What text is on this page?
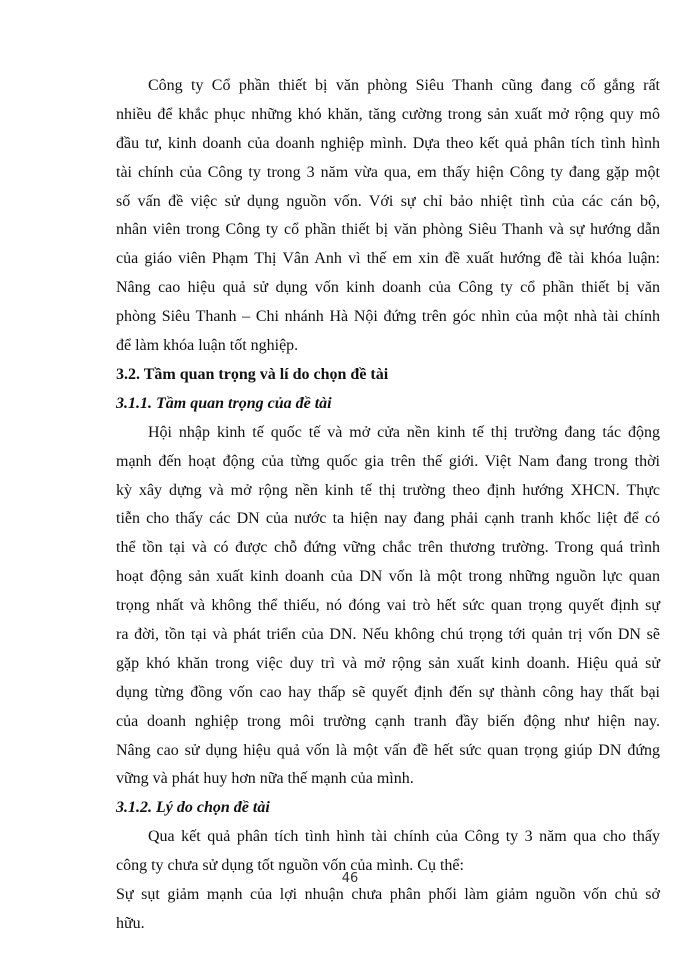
Công ty Cổ phần thiết bị văn phòng Siêu Thanh cũng đang cố gắng rất
nhiều để khắc phục những khó khăn, tăng cường trong sản xuất mở rộng quy mô
đầu tư, kinh doanh của doanh nghiệp mình. Dựa theo kết quả phân tích tình hình
tài chính của Công ty trong 3 năm vừa qua, em thấy hiện Công ty đang gặp một
số vấn đề việc sử dụng nguồn vốn. Với sự chỉ bảo nhiệt tình của các cán bộ,
nhân viên trong Công ty cổ phần thiết bị văn phòng Siêu Thanh và sự hướng dẫn
của giáo viên Phạm Thị Vân Anh vì thế em xin đề xuất hướng đề tài khóa luận:
Nâng cao hiệu quả sử dụng vốn kinh doanh của Công ty cổ phần thiết bị văn
phòng Siêu Thanh – Chi nhánh Hà Nội đứng trên góc nhìn của một nhà tài chính
để làm khóa luận tốt nghiệp.
3.2. Tầm quan trọng và lí do chọn đề tài
3.1.1. Tầm quan trọng của đề tài
Hội nhập kinh tế quốc tế và mở cửa nền kinh tế thị trường đang tác động
mạnh đến hoạt động của từng quốc gia trên thế giới. Việt Nam đang trong thời
kỳ xây dựng và mở rộng nền kinh tế thị trường theo định hướng XHCN. Thực
tiễn cho thấy các DN của nước ta hiện nay đang phải cạnh tranh khốc liệt để có
thể tồn tại và có được chỗ đứng vững chắc trên thương trường. Trong quá trình
hoạt động sản xuất kinh doanh của DN vốn là một trong những nguồn lực quan
trọng nhất và không thể thiếu, nó đóng vai trò hết sức quan trọng quyết định sự
ra đời, tồn tại và phát triển của DN. Nếu không chú trọng tới quản trị vốn DN sẽ
gặp khó khăn trong việc duy trì và mở rộng sản xuất kinh doanh. Hiệu quả sử
dụng từng đồng vốn cao hay thấp sẽ quyết định đến sự thành công hay thất bại
của doanh nghiệp trong môi trường cạnh tranh đầy biến động như hiện nay.
Nâng cao sử dụng hiệu quả vốn là một vấn đề hết sức quan trọng giúp DN đứng
vững và phát huy hơn nữa thế mạnh của mình.
3.1.2. Lý do chọn đề tài
Qua kết quả phân tích tình hình tài chính của Công ty 3 năm qua cho thấy
công ty chưa sử dụng tốt nguồn vốn của mình. Cụ thể:
Sự sụt giảm mạnh của lợi nhuận chưa phân phối làm giảm nguồn vốn chủ sở
hữu.
46
